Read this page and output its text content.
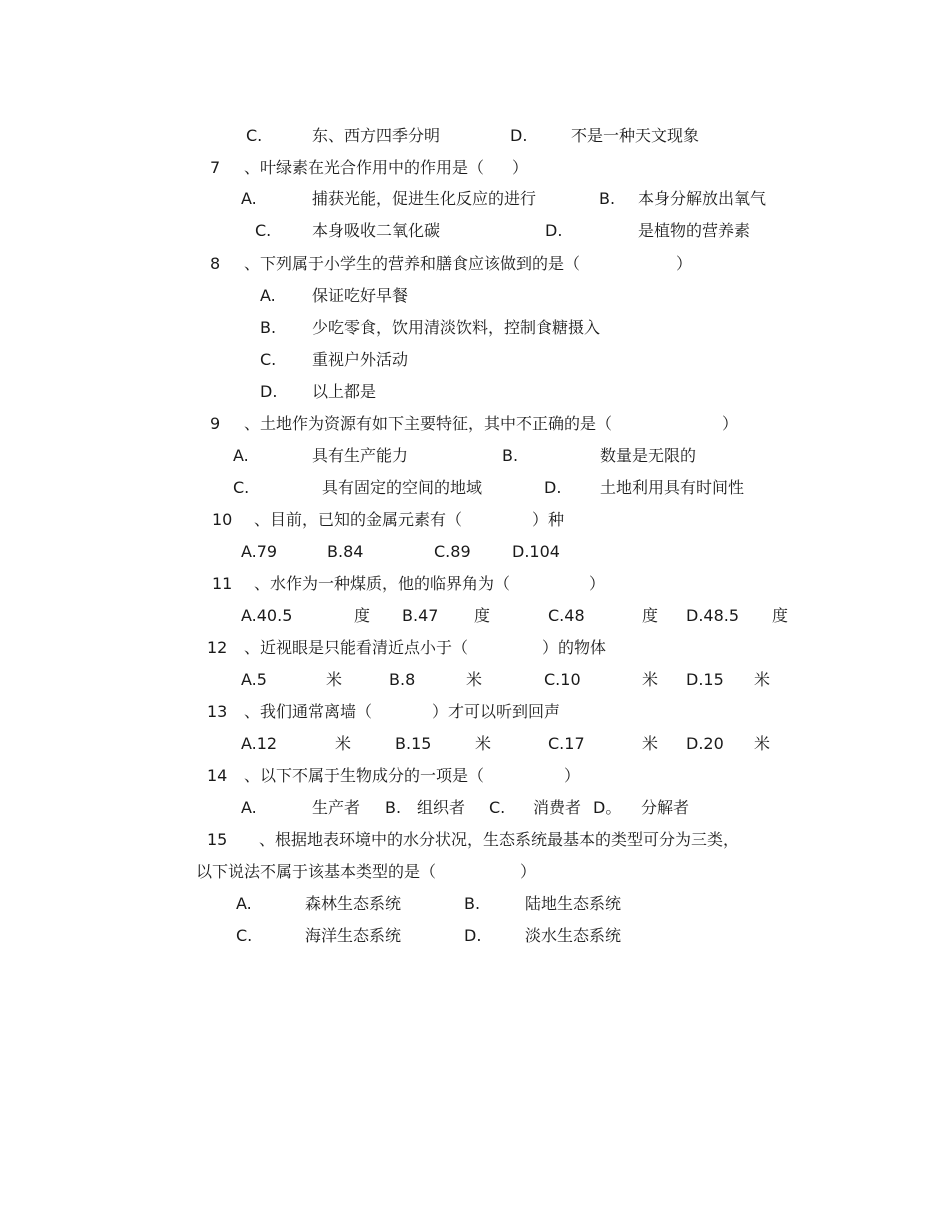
C.	东、西方四季分明	D.	不是一种天文现象
7 、叶绿素在光合作用中的作用是（ ）
A.	捕获光能，促进生化反应的进行	B. 本身分解放出氧气
C.	本身吸收二氧化碳	D.	是植物的营养素
8 、下列属于小学生的营养和膳食应该做到的是（	）
A. 保证吃好早餐
B. 少吃零食，饮用清淡饮料，控制食糖摄入
C. 重视户外活动
D. 以上都是
9 、土地作为资源有如下主要特征，其中不正确的是（	）
A.	具有生产能力	B.	数量是无限的
C.	具有固定的空间的地域	D. 土地利用具有时间性
10 、目前，已知的金属元素有（	）种
A.79	B.84	C.89	D.104
11 、水作为一种煤质，他的临界角为（	）
A.40.5	度 B.47 度	C.48	度 D.48.5 度
12 、近视眼是只能看清近点小于（	）的物体
A.5	米	B.8	米	C.10	米 D.15 米
13 、我们通常离墙（	）才可以听到回声
A.12	米	B.15	米	C.17	米 D.20 米
14 、以下不属于生物成分的一项是（	）
A.	生产者 B. 组织者 C. 消费者 D。 分解者
15 、根据地表环境中的水分状况，生态系统最基本的类型可分为三类，
以下说法不属于该基本类型的是（	）
A.	森林生态系统	B.	陆地生态系统
C.	海洋生态系统	D.	淡水生态系统
